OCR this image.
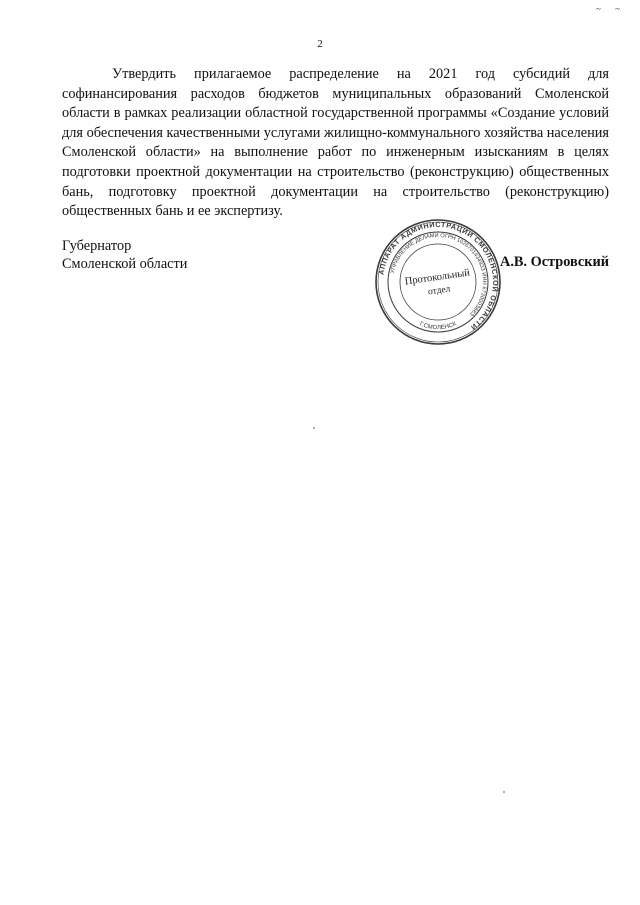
~ ~
2

Утвердить прилагаемое распределение на 2021 год субсидий для софинансирования расходов бюджетов муниципальных образований Смоленской области в рамках реализации областной государственной программы «Создание условий для обеспечения качественными услугами жилищно-коммунального хозяйства населения Смоленской области» на выполнение работ по инженерным изысканиям в целях подготовки проектной документации на строительство (реконструкцию) общественных бань, подготовку проектной документации на строительство (реконструкцию) общественных бань и ее экспертизу.

Губернатор
Смоленской области	АППАРАТ АДМИНИСТРАЦИИ СМОЛЕНСКОЙ ОБЛАСТИ
УПРАВЛЕНИЕ ДЕЛАМИ ОГРН 1026701434933 ИНН 6730003683
Г.СМОЛЕНСК
Протокольный
отдел
А.В. Островский
